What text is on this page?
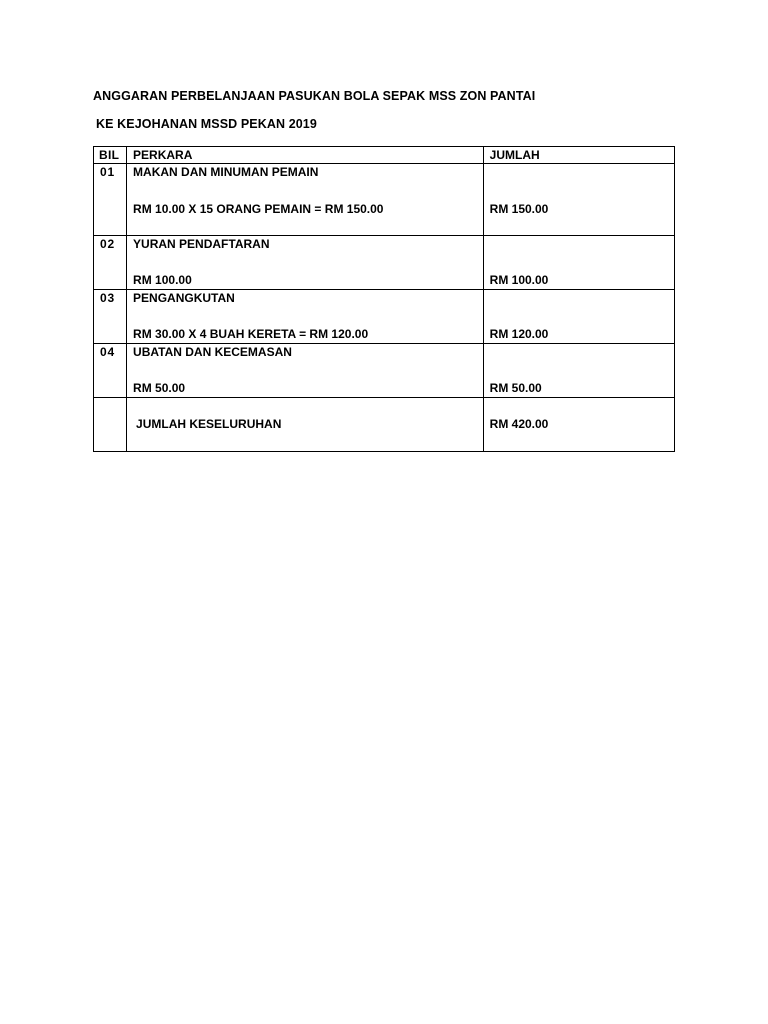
ANGGARAN PERBELANJAAN PASUKAN BOLA SEPAK MSS ZON PANTAI
KE KEJOHANAN MSSD PEKAN 2019
BIL	PERKARA	JUMLAH

01	MAKAN DAN MINUMAN PEMAIN
RM 10.00 X 15 ORANG PEMAIN = RM 150.00	RM 150.00

02	YURAN PENDAFTARAN
RM 100.00	RM 100.00

03	PENGANGKUTAN
RM 30.00 X 4 BUAH KERETA = RM 120.00	RM 120.00

04	UBATAN DAN KECEMASAN
RM 50.00	RM 50.00

	JUMLAH KESELURUHAN	RM 420.00
